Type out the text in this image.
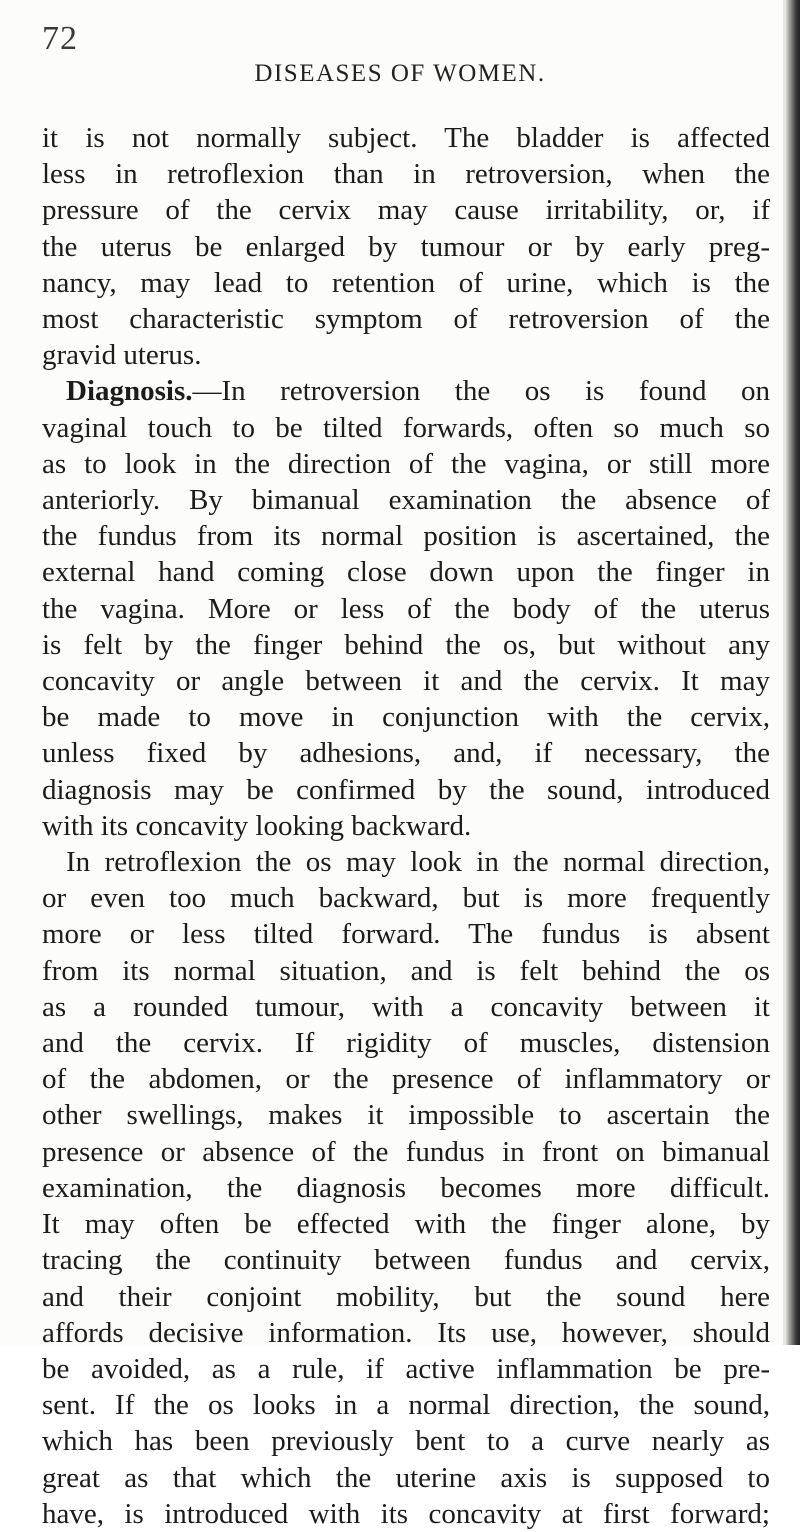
72
DISEASES OF WOMEN.
it is not normally subject. The bladder is affected
less in retroflexion than in retroversion, when the
pressure of the cervix may cause irritability, or, if
the uterus be enlarged by tumour or by early preg-
nancy, may lead to retention of urine, which is the
most characteristic symptom of retroversion of the
gravid uterus.
Diagnosis.—In retroversion the os is found on
vaginal touch to be tilted forwards, often so much so
as to look in the direction of the vagina, or still more
anteriorly. By bimanual examination the absence of
the fundus from its normal position is ascertained, the
external hand coming close down upon the finger in
the vagina. More or less of the body of the uterus
is felt by the finger behind the os, but without any
concavity or angle between it and the cervix. It may
be made to move in conjunction with the cervix,
unless fixed by adhesions, and, if necessary, the
diagnosis may be confirmed by the sound, introduced
with its concavity looking backward.
In retroflexion the os may look in the normal direction,
or even too much backward, but is more frequently
more or less tilted forward. The fundus is absent
from its normal situation, and is felt behind the os
as a rounded tumour, with a concavity between it
and the cervix. If rigidity of muscles, distension
of the abdomen, or the presence of inflammatory or
other swellings, makes it impossible to ascertain the
presence or absence of the fundus in front on bimanual
examination, the diagnosis becomes more difficult.
It may often be effected with the finger alone, by
tracing the continuity between fundus and cervix,
and their conjoint mobility, but the sound here
affords decisive information. Its use, however, should
be avoided, as a rule, if active inflammation be pre-
sent. If the os looks in a normal direction, the sound,
which has been previously bent to a curve nearly as
great as that which the uterine axis is supposed to
have, is introduced with its concavity at first forward;
